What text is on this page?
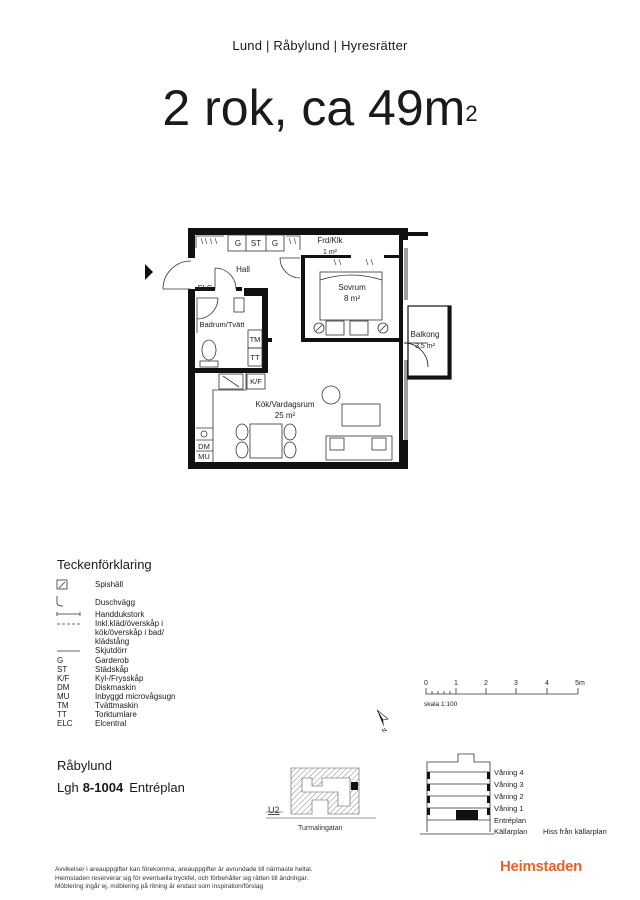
Lund | Råbylund | Hyresrätter
2 rok, ca $49m^2$
G ST G	Frd/Klk
1 m²
Hall
ELC	Sovrum
8 m²
Badrum/Tvätt
TM
TT
Balkong
3,5 m²
K/F
Kök/Vardagsrum
25 m²
DM
MU
0	1	2	3	4	5m
skala 1:100
N
U2
Turmalingatan
Våning 4
Våning 3
Våning 2
Våning 1
Entréplan
Källarplan Hiss från källarplan
Teckenförklaring
Spishäll
Duschvägg
Handdukstork
Inkl.kläd/överskåp i
kök/överskåp i bad/
klädstång
Skjutdörr
G	Garderob
ST	Städskåp
K/F	Kyl-/Frysskåp
DM	Diskmaskin
MU	Inbyggd microvågsugn
TM	Tvättmaskin
TT	Torktumlare
ELC	Elcentral
Råbylund
Lgh 8-1004 Entréplan
Avvikelser i areauppgifter kan förekomma, areauppgifter är avrundade till närmaste heltal.
Heimstaden reserverar sig för eventuella tryckfel, och förbehåller sig rätten till ändringar.
Möblering ingår ej, möblering på ritning är endast som inspiration/förslag
Heimstaden
